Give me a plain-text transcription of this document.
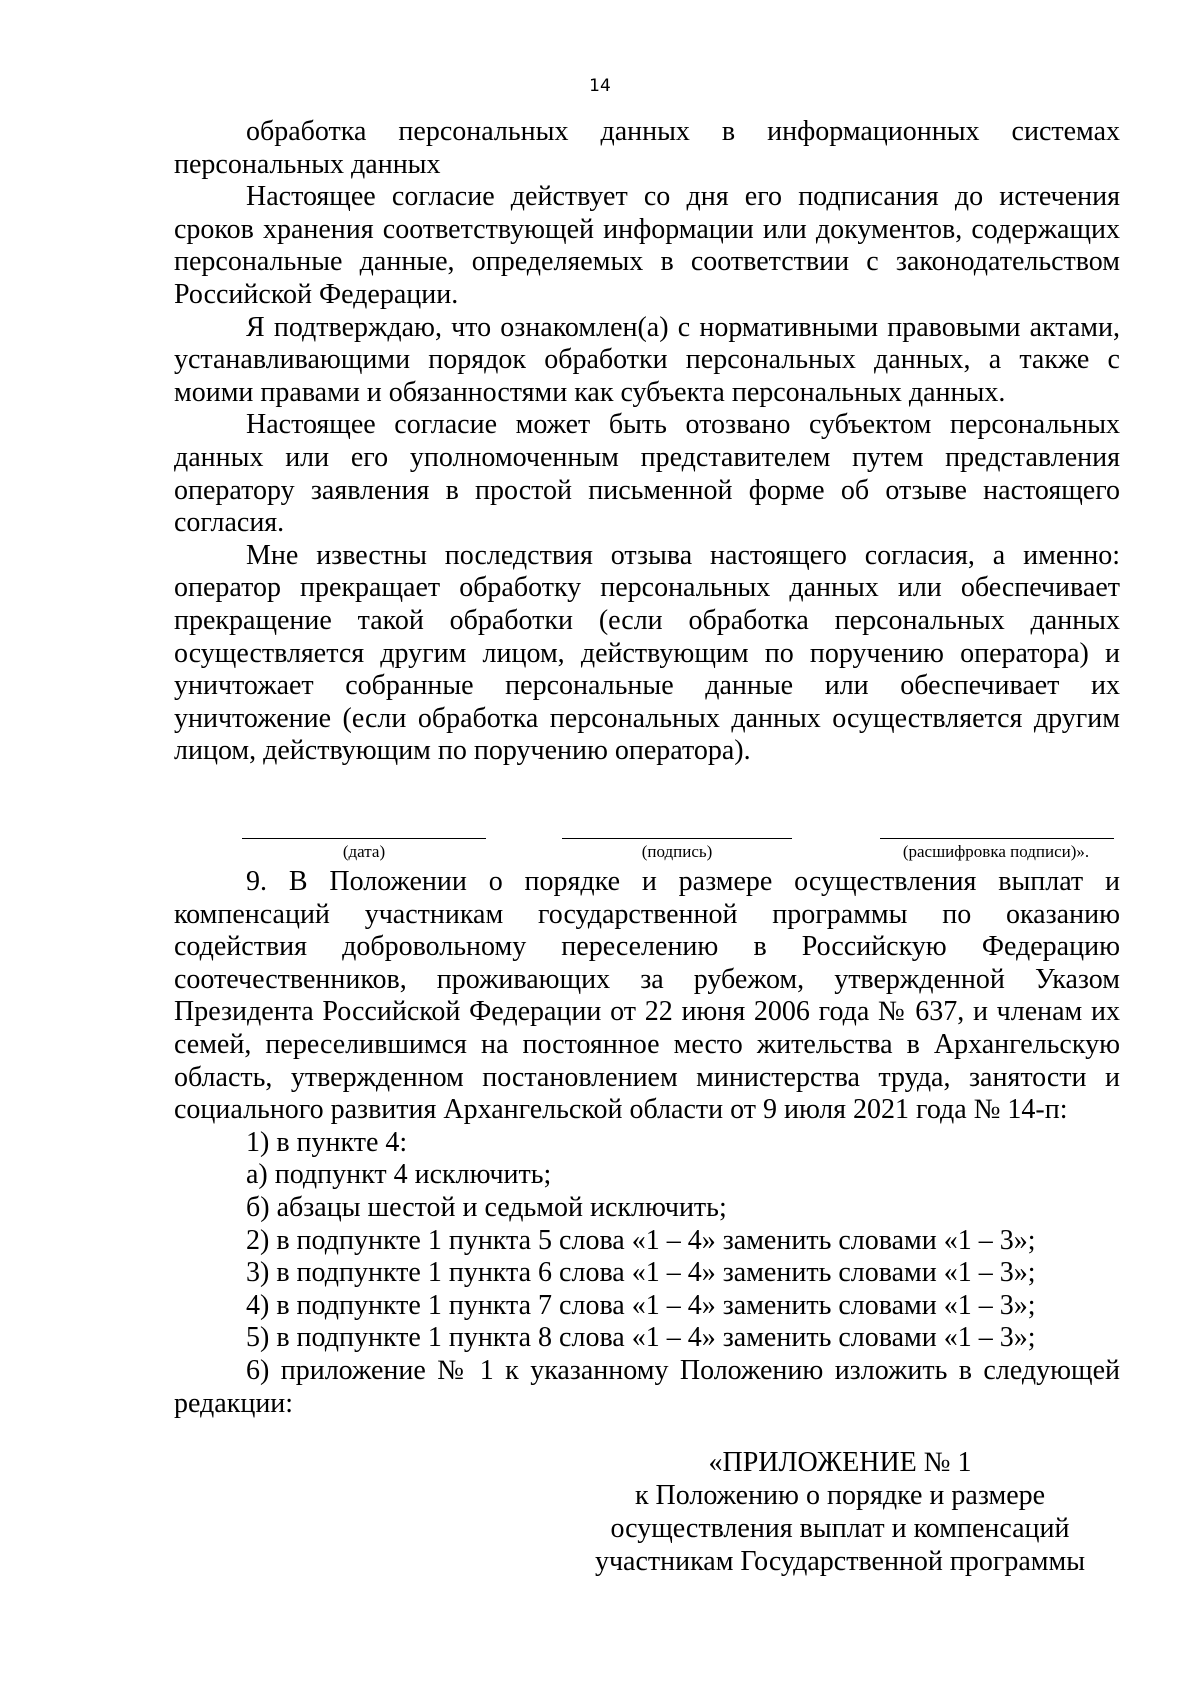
14

обработка персональных данных в информационных системах персональных данных

Настоящее согласие действует со дня его подписания до истечения сроков хранения соответствующей информации или документов, содержащих персональные данные, определяемых в соответствии с законодательством Российской Федерации.

Я подтверждаю, что ознакомлен(а) с нормативными правовыми актами, устанавливающими порядок обработки персональных данных, а также с моими правами и обязанностями как субъекта персональных данных.

Настоящее согласие может быть отозвано субъектом персональных данных или его уполномоченным представителем путем представления оператору заявления в простой письменной форме об отзыве настоящего согласия.

Мне известны последствия отзыва настоящего согласия, а именно: оператор прекращает обработку персональных данных или обеспечивает прекращение такой обработки (если обработка персональных данных осуществляется другим лицом, действующим по поручению оператора) и уничтожает собранные персональные данные или обеспечивает их уничтожение (если обработка персональных данных осуществляется другим лицом, действующим по поручению оператора).

(дата)	(подпись)	(расшифровка подписи)».

9. В Положении о порядке и размере осуществления выплат и компенсаций участникам государственной программы по оказанию содействия добровольному переселению в Российскую Федерацию соотечественников, проживающих за рубежом, утвержденной Указом Президента Российской Федерации от 22 июня 2006 года № 637, и членам их семей, переселившимся на постоянное место жительства в Архангельскую область, утвержденном постановлением министерства труда, занятости и социального развития Архангельской области от 9 июля 2021 года № 14-п:

1) в пункте 4:

а) подпункт 4 исключить;

б) абзацы шестой и седьмой исключить;

2) в подпункте 1 пункта 5 слова «1 – 4» заменить словами «1 – 3»;

3) в подпункте 1 пункта 6 слова «1 – 4» заменить словами «1 – 3»;

4) в подпункте 1 пункта 7 слова «1 – 4» заменить словами «1 – 3»;

5) в подпункте 1 пункта 8 слова «1 – 4» заменить словами «1 – 3»;

6) приложение № 1 к указанному Положению изложить в следующей редакции:

«ПРИЛОЖЕНИЕ № 1
к Положению о порядке и размере
осуществления выплат и компенсаций
участникам Государственной программы
